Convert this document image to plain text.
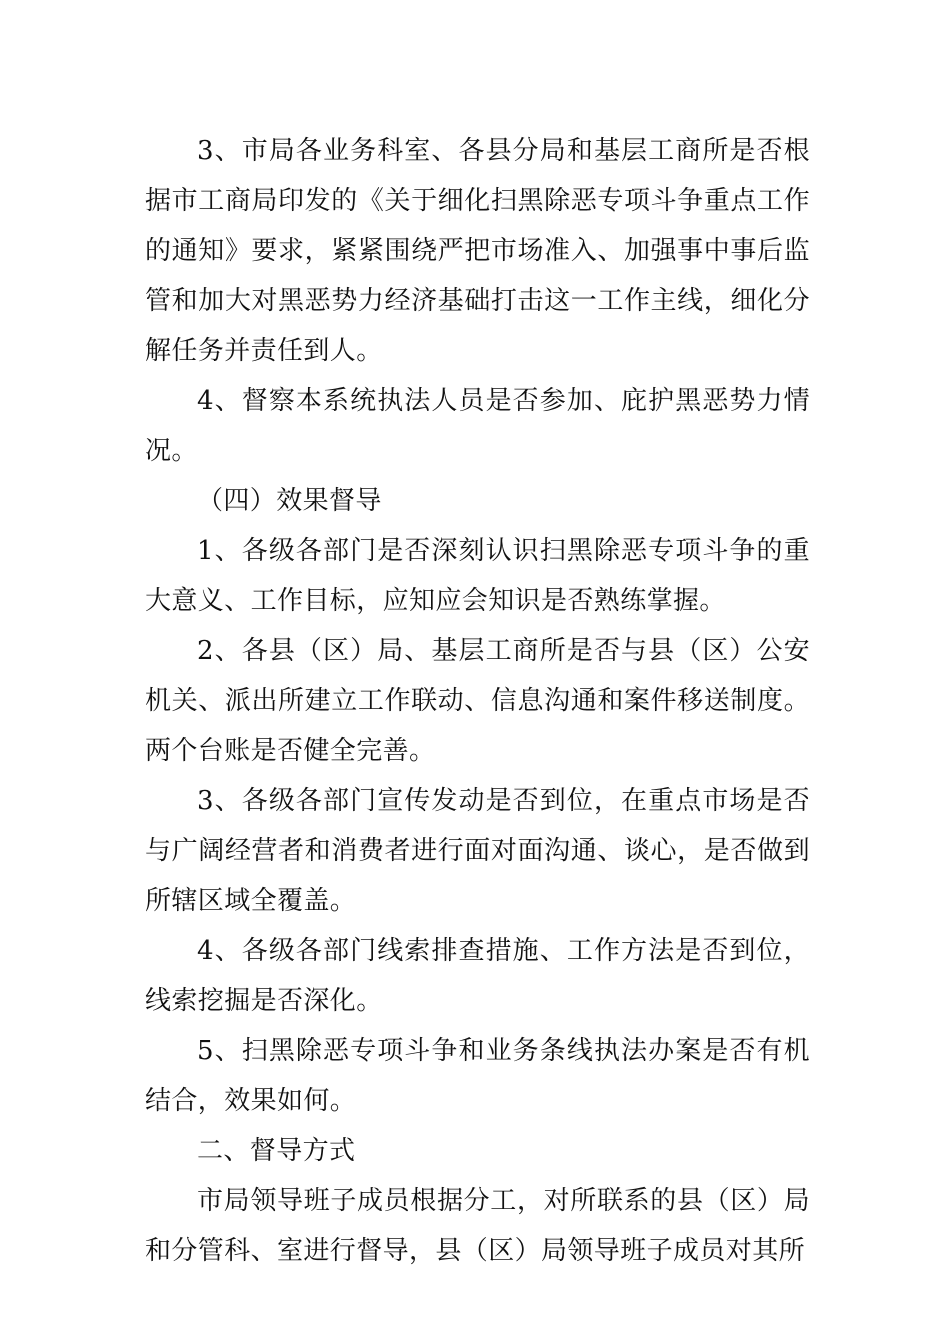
3、市局各业务科室、各县分局和基层工商所是否根据市工商局印发的《关于细化扫黑除恶专项斗争重点工作的通知》要求，紧紧围绕严把市场准入、加强事中事后监管和加大对黑恶势力经济基础打击这一工作主线，细化分解任务并责任到人。

4、督察本系统执法人员是否参加、庇护黑恶势力情况。

（四）效果督导

1、各级各部门是否深刻认识扫黑除恶专项斗争的重大意义、工作目标，应知应会知识是否熟练掌握。

2、各县（区）局、基层工商所是否与县（区）公安机关、派出所建立工作联动、信息沟通和案件移送制度。两个台账是否健全完善。

3、各级各部门宣传发动是否到位，在重点市场是否与广阔经营者和消费者进行面对面沟通、谈心，是否做到所辖区域全覆盖。

4、各级各部门线索排查措施、工作方法是否到位，线索挖掘是否深化。

5、扫黑除恶专项斗争和业务条线执法办案是否有机结合，效果如何。

二、督导方式

市局领导班子成员根据分工，对所联系的县（区）局和分管科、室进行督导，县（区）局领导班子成员对其所
